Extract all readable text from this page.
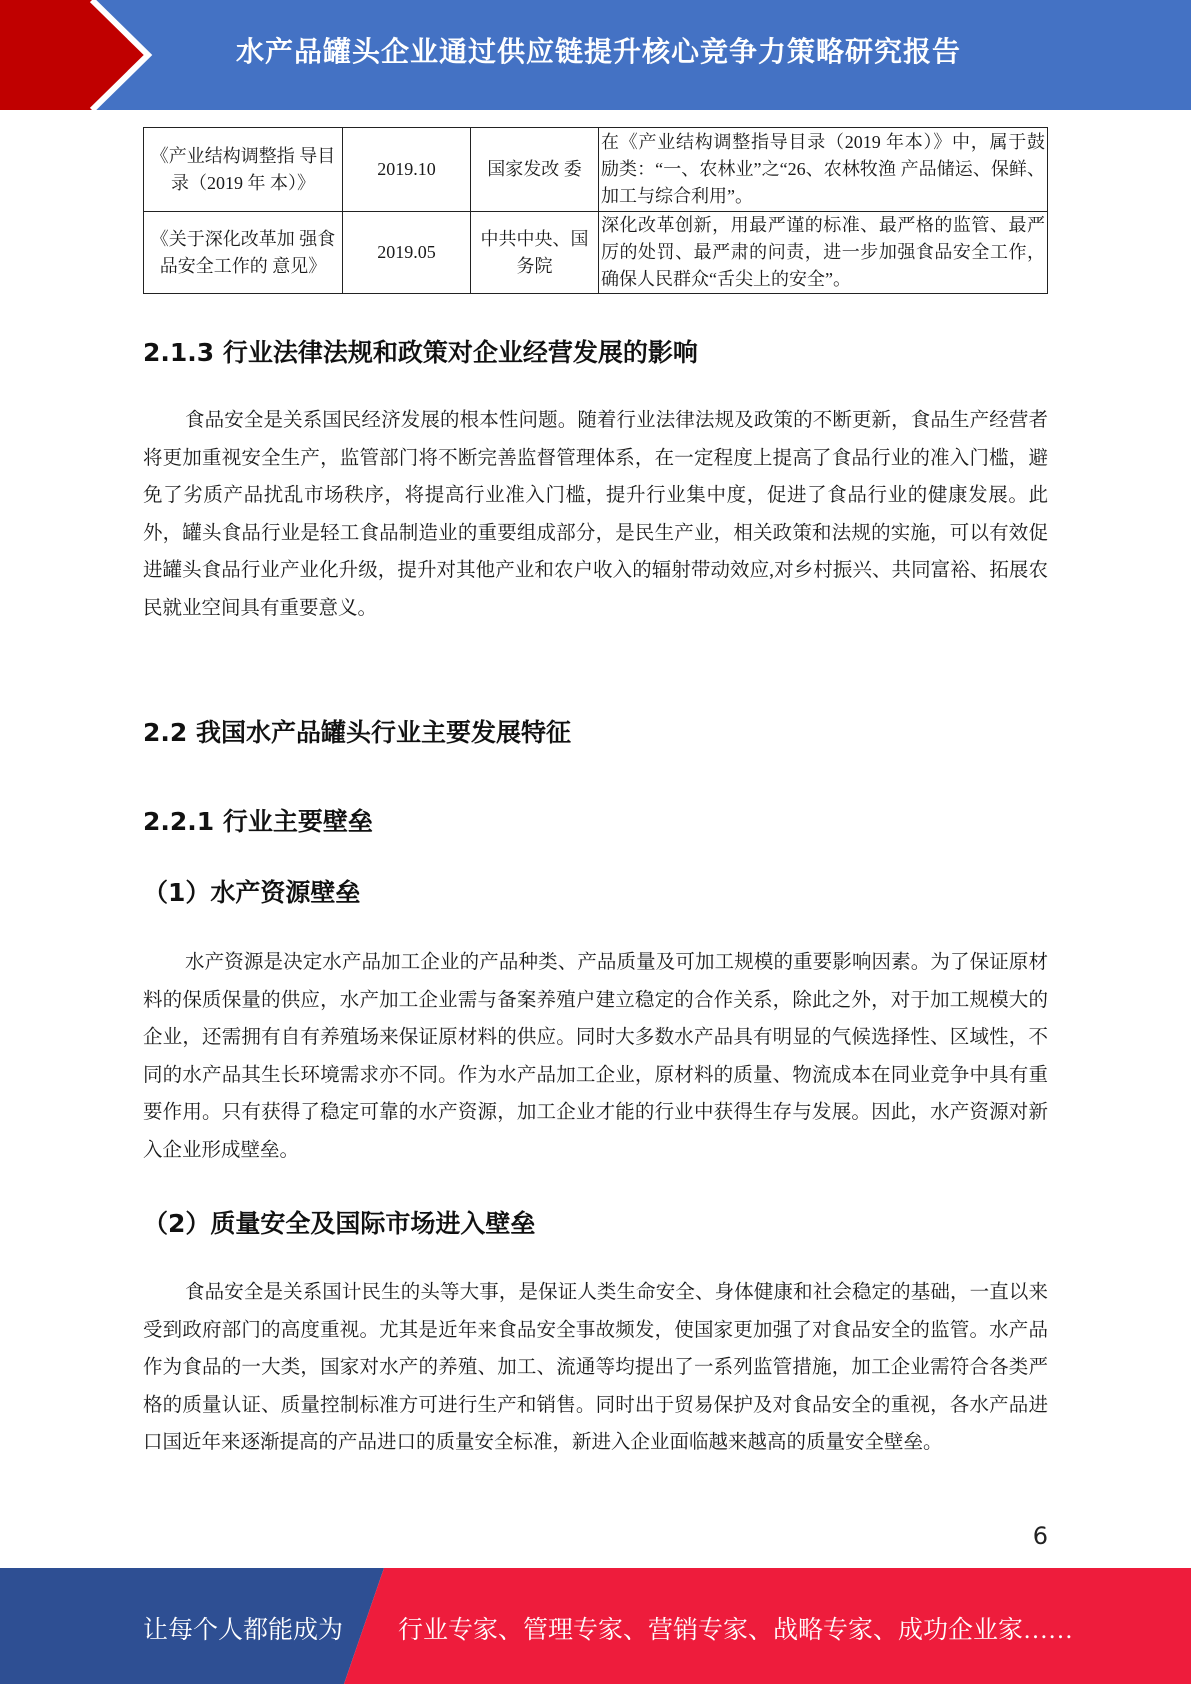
水产品罐头企业通过供应链提升核心竞争力策略研究报告
《产业结构调整指 导目录（2019 年 本）》	2019.10	国家发改 委	在《产业结构调整指导目录（2019 年本）》中，属于鼓励类：“一、农林业”之“26、农林牧渔 产品储运、保鲜、加工与综合利用”。
《关于深化改革加 强食品安全工作的 意见》	2019.05	中共中央、国务院	深化改革创新，用最严谨的标准、最严格的监管、最严厉的处罚、最严肃的问责，进一步加强食品安全工作，确保人民群众“舌尖上的安全”。
2.1.3 行业法律法规和政策对企业经营发展的影响
食品安全是关系国民经济发展的根本性问题。随着行业法律法规及政策的不断更新，食品生产经营者将更加重视安全生产，监管部门将不断完善监督管理体系，在一定程度上提高了食品行业的准入门槛，避免了劣质产品扰乱市场秩序，将提高行业准入门槛，提升行业集中度，促进了食品行业的健康发展。此外，罐头食品行业是轻工食品制造业的重要组成部分，是民生产业，相关政策和法规的实施，可以有效促进罐头食品行业产业化升级，提升对其他产业和农户收入的辐射带动效应,对乡村振兴、共同富裕、拓展农民就业空间具有重要意义。
2.2 我国水产品罐头行业主要发展特征
2.2.1 行业主要壁垒
（1）水产资源壁垒
水产资源是决定水产品加工企业的产品种类、产品质量及可加工规模的重要影响因素。为了保证原材料的保质保量的供应，水产加工企业需与备案养殖户建立稳定的合作关系，除此之外，对于加工规模大的企业，还需拥有自有养殖场来保证原材料的供应。同时大多数水产品具有明显的气候选择性、区域性，不同的水产品其生长环境需求亦不同。作为水产品加工企业，原材料的质量、物流成本在同业竞争中具有重要作用。只有获得了稳定可靠的水产资源，加工企业才能的行业中获得生存与发展。因此，水产资源对新入企业形成壁垒。
（2）质量安全及国际市场进入壁垒
食品安全是关系国计民生的头等大事，是保证人类生命安全、身体健康和社会稳定的基础，一直以来受到政府部门的高度重视。尤其是近年来食品安全事故频发，使国家更加强了对食品安全的监管。水产品作为食品的一大类，国家对水产的养殖、加工、流通等均提出了一系列监管措施，加工企业需符合各类严格的质量认证、质量控制标准方可进行生产和销售。同时出于贸易保护及对食品安全的重视，各水产品进口国近年来逐渐提高的产品进口的质量安全标准，新进入企业面临越来越高的质量安全壁垒。
6
让每个人都能成为 行业专家、管理专家、营销专家、战略专家、成功企业家……
